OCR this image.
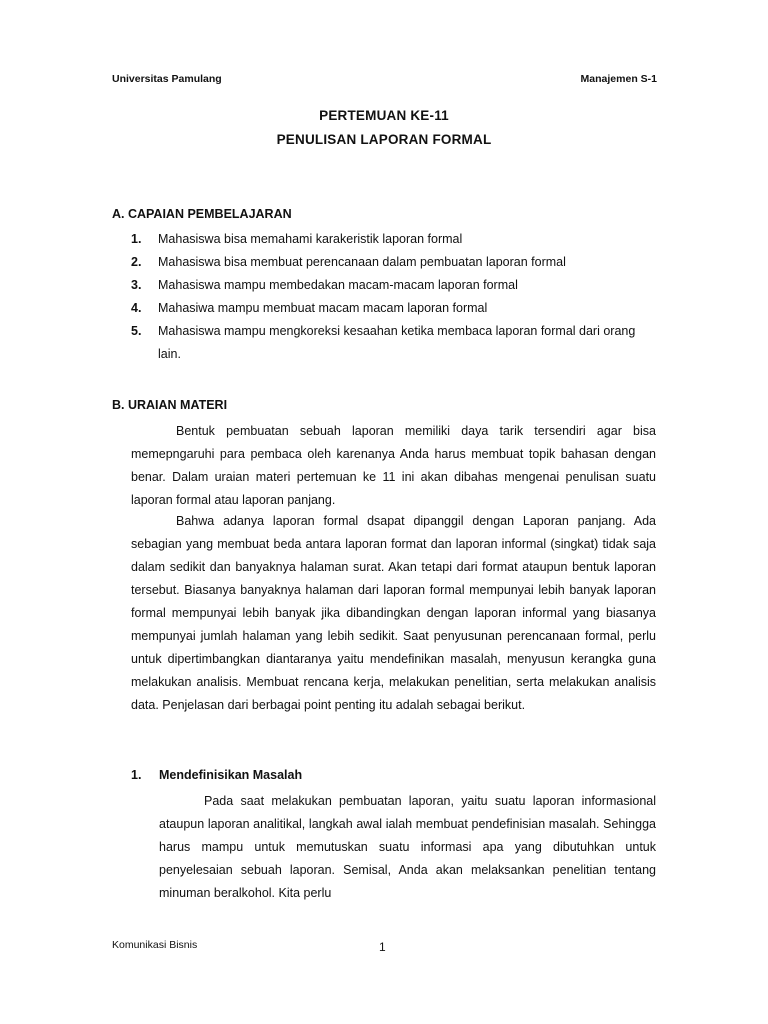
Universitas Pamulang	Manajemen S-1
PERTEMUAN KE-11
PENULISAN LAPORAN FORMAL
A. CAPAIAN PEMBELAJARAN
1.	Mahasiswa bisa memahami karakeristik laporan formal
2.	Mahasiswa bisa membuat perencanaan dalam pembuatan laporan formal
3.	Mahasiswa mampu membedakan macam-macam laporan formal
4.	Mahasiwa mampu membuat macam macam laporan formal
5.	Mahasiswa mampu mengkoreksi kesaahan ketika membaca laporan formal dari orang lain.
B. URAIAN MATERI

Bentuk pembuatan sebuah laporan memiliki daya tarik tersendiri agar bisa memepngaruhi para pembaca oleh karenanya Anda harus membuat topik bahasan dengan benar. Dalam uraian materi pertemuan ke 11 ini akan dibahas mengenai penulisan suatu laporan formal atau laporan panjang.

Bahwa adanya laporan formal dsapat dipanggil dengan Laporan panjang. Ada sebagian yang membuat beda antara laporan format dan laporan informal (singkat) tidak saja dalam sedikit dan banyaknya halaman surat. Akan tetapi dari format ataupun bentuk laporan tersebut. Biasanya banyaknya halaman dari laporan formal mempunyai lebih banyak laporan formal mempunyai lebih banyak jika dibandingkan dengan laporan informal yang biasanya mempunyai jumlah halaman yang lebih sedikit. Saat penyusunan perencanaan formal, perlu untuk dipertimbangkan diantaranya yaitu mendefinikan masalah, menyusun kerangka guna melakukan analisis. Membuat rencana kerja, melakukan penelitian, serta melakukan analisis data. Penjelasan dari berbagai point penting itu adalah sebagai berikut.

1.	Mendefinisikan Masalah

Pada saat melakukan pembuatan laporan, yaitu suatu laporan informasional ataupun laporan analitikal, langkah awal ialah membuat pendefinisian masalah. Sehingga harus mampu untuk memutuskan suatu informasi apa yang dibutuhkan untuk penyelesaian sebuah laporan. Semisal, Anda akan melaksankan penelitian tentang minuman beralkohol. Kita perlu

Komunikasi Bisnis	1
